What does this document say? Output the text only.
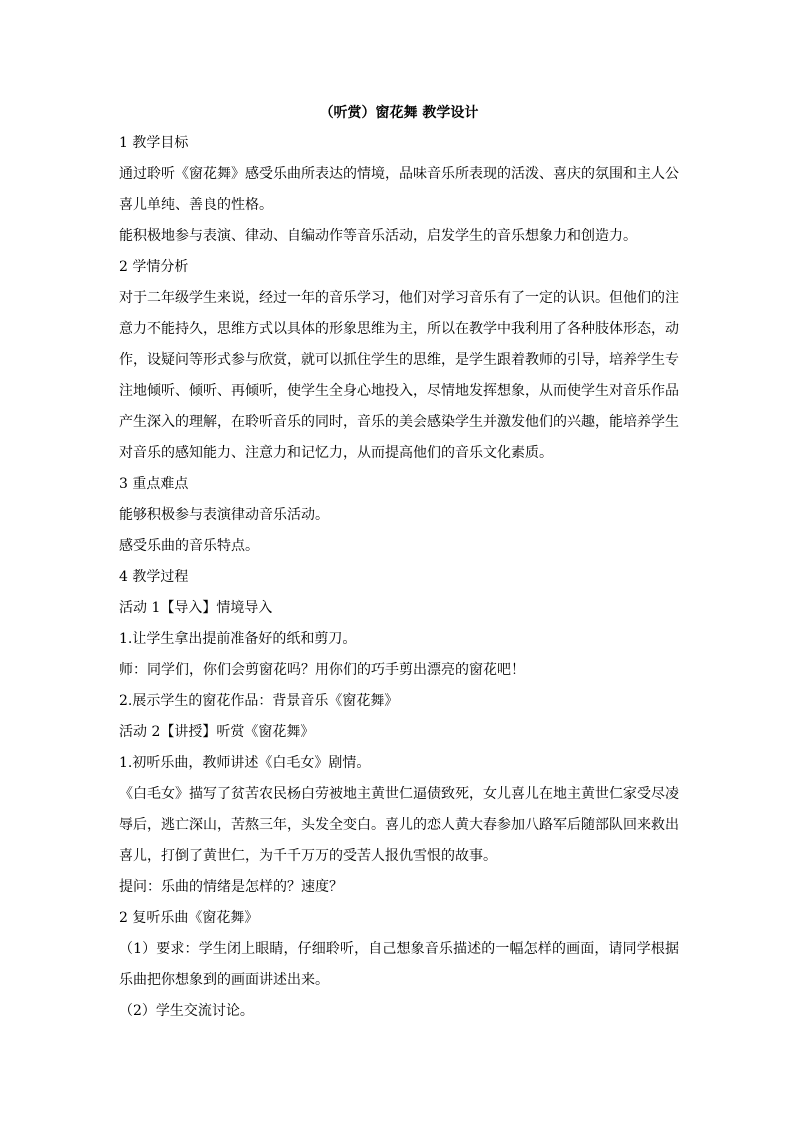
（听赏）窗花舞 教学设计

1 教学目标

通过聆听《窗花舞》感受乐曲所表达的情境，品味音乐所表现的活泼、喜庆的氛围和主人公喜儿单纯、善良的性格。

能积极地参与表演、律动、自编动作等音乐活动，启发学生的音乐想象力和创造力。

2 学情分析

对于二年级学生来说，经过一年的音乐学习，他们对学习音乐有了一定的认识。但他们的注意力不能持久，思维方式以具体的形象思维为主，所以在教学中我利用了各种肢体形态，动作，设疑问等形式参与欣赏，就可以抓住学生的思维，是学生跟着教师的引导，培养学生专注地倾听、倾听、再倾听，使学生全身心地投入，尽情地发挥想象，从而使学生对音乐作品产生深入的理解，在聆听音乐的同时，音乐的美会感染学生并激发他们的兴趣，能培养学生对音乐的感知能力、注意力和记忆力，从而提高他们的音乐文化素质。

3 重点难点

能够积极参与表演律动音乐活动。

感受乐曲的音乐特点。

4 教学过程

活动 1【导入】情境导入

1.让学生拿出提前准备好的纸和剪刀。

师：同学们，你们会剪窗花吗？用你们的巧手剪出漂亮的窗花吧！

2.展示学生的窗花作品：背景音乐《窗花舞》

活动 2【讲授】听赏《窗花舞》

1.初听乐曲，教师讲述《白毛女》剧情。

《白毛女》描写了贫苦农民杨白劳被地主黄世仁逼债致死，女儿喜儿在地主黄世仁家受尽凌辱后，逃亡深山，苦熬三年，头发全变白。喜儿的恋人黄大春参加八路军后随部队回来救出喜儿，打倒了黄世仁，为千千万万的受苦人报仇雪恨的故事。

提问：乐曲的情绪是怎样的？速度？

2 复听乐曲《窗花舞》

（1）要求：学生闭上眼睛，仔细聆听，自己想象音乐描述的一幅怎样的画面，请同学根据乐曲把你想象到的画面讲述出来。

（2）学生交流讨论。
